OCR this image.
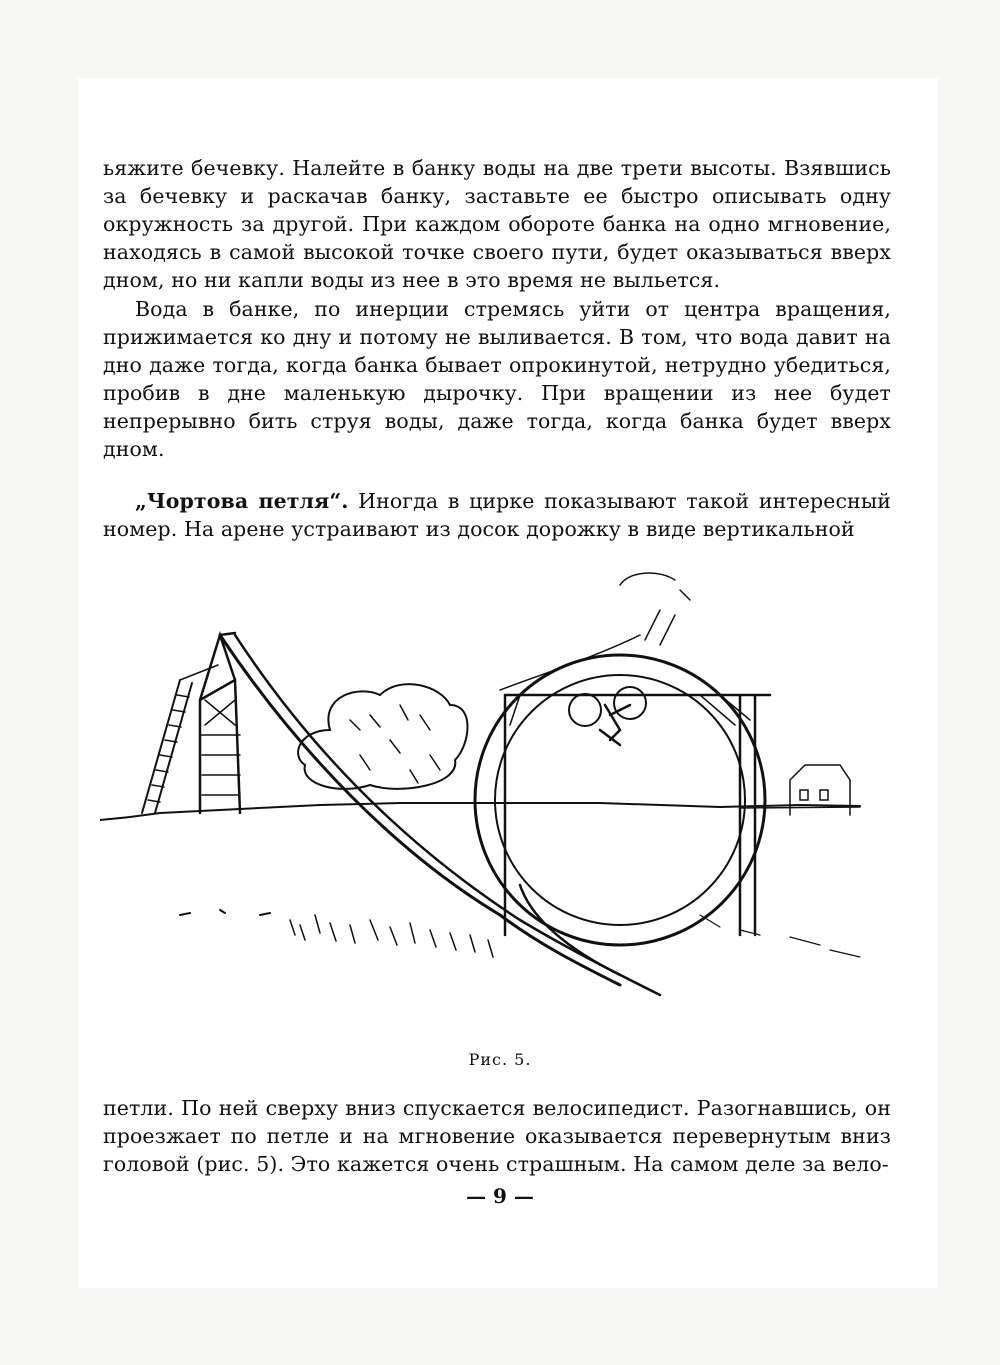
ьяжите бечевку. Налейте в банку воды на две трети высоты. Взявшись за бечевку и раскачав банку, заставьте ее быстро описывать одну окружность за другой. При каждом обороте банка на одно мгновение, находясь в самой высокой точке своего пути, будет оказываться вверх дном, но ни капли воды из нее в это время не выльется.

Вода в банке, по инерции стремясь уйти от центра вращения, прижимается ко дну и потому не выливается. В том, что вода давит на дно даже тогда, когда банка бывает опрокинутой, нетрудно убедиться, пробив в дне маленькую дырочку. При вращении из нее будет непрерывно бить струя воды, даже тогда, когда банка будет вверх дном.

„Чортова петля“. Иногда в цирке показывают такой интересный номер. На арене устраивают из досок дорожку в виде вертикальной

Рис. 5.

петли. По ней сверху вниз спускается велосипедист. Разогнавшись, он проезжает по петле и на мгновение оказывается перевернутым вниз головой (рис. 5). Это кажется очень страшным. На самом деле за вело-

— 9 —
